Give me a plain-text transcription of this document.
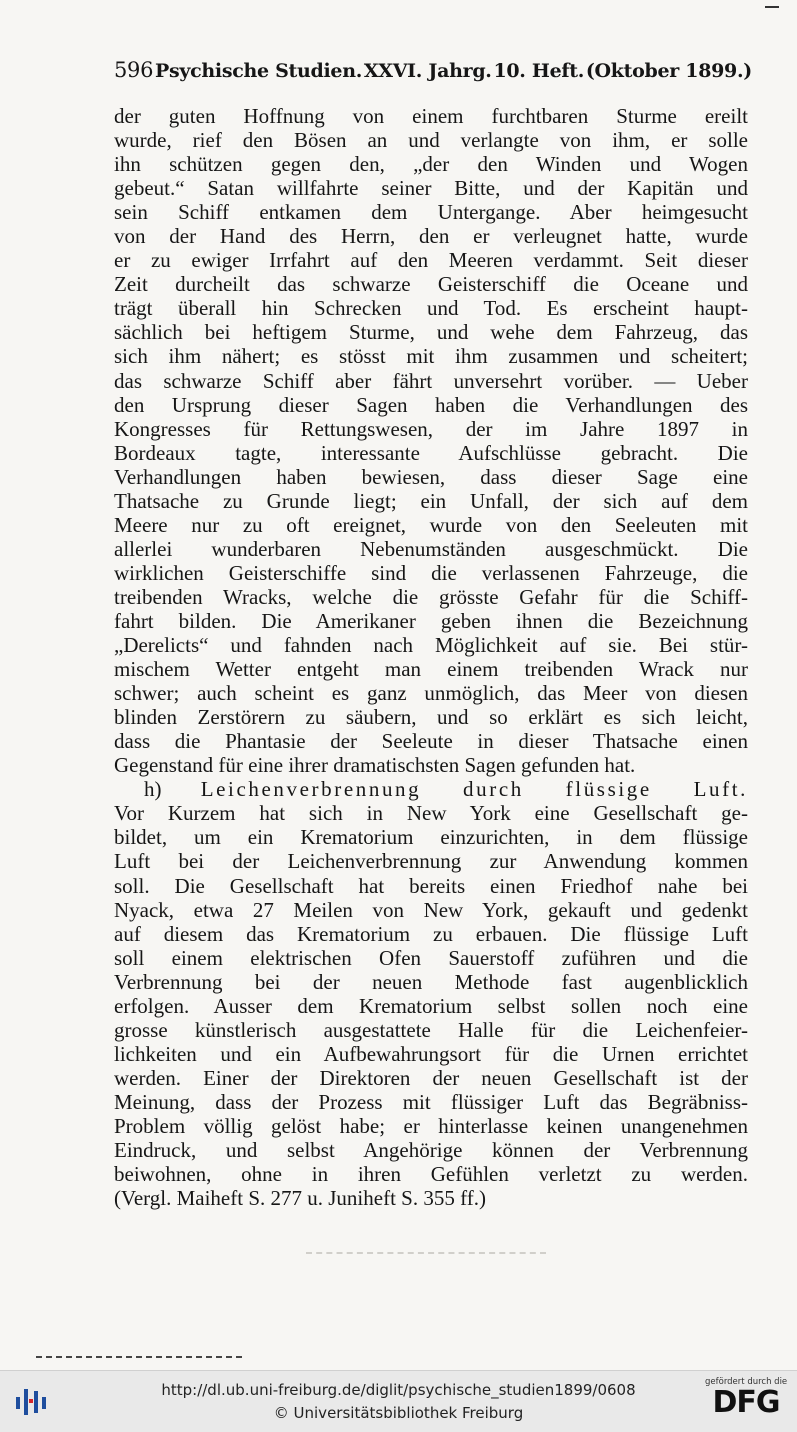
596 Psychische Studien. XXVI. Jahrg. 10. Heft. (Oktober 1899.)
der guten Hoffnung von einem furchtbaren Sturme ereilt
wurde, rief den Bösen an und verlangte von ihm, er solle
ihn schützen gegen den, „der den Winden und Wogen
gebeut.“ Satan willfahrte seiner Bitte, und der Kapitän und
sein Schiff entkamen dem Untergange. Aber heimgesucht
von der Hand des Herrn, den er verleugnet hatte, wurde
er zu ewiger Irrfahrt auf den Meeren verdammt. Seit dieser
Zeit durcheilt das schwarze Geisterschiff die Oceane und
trägt überall hin Schrecken und Tod. Es erscheint haupt-
sächlich bei heftigem Sturme, und wehe dem Fahrzeug, das
sich ihm nähert; es stösst mit ihm zusammen und scheitert;
das schwarze Schiff aber fährt unversehrt vorüber. — Ueber
den Ursprung dieser Sagen haben die Verhandlungen des
Kongresses für Rettungswesen, der im Jahre 1897 in
Bordeaux tagte, interessante Aufschlüsse gebracht. Die
Verhandlungen haben bewiesen, dass dieser Sage eine
Thatsache zu Grunde liegt; ein Unfall, der sich auf dem
Meere nur zu oft ereignet, wurde von den Seeleuten mit
allerlei wunderbaren Nebenumständen ausgeschmückt. Die
wirklichen Geisterschiffe sind die verlassenen Fahrzeuge, die
treibenden Wracks, welche die grösste Gefahr für die Schiff-
fahrt bilden. Die Amerikaner geben ihnen die Bezeichnung
„Derelicts“ und fahnden nach Möglichkeit auf sie. Bei stür-
mischem Wetter entgeht man einem treibenden Wrack nur
schwer; auch scheint es ganz unmöglich, das Meer von diesen
blinden Zerstörern zu säubern, und so erklärt es sich leicht,
dass die Phantasie der Seeleute in dieser Thatsache einen
Gegenstand für eine ihrer dramatischsten Sagen gefunden hat.
h) Leichenverbrennung durch flüssige Luft.
Vor Kurzem hat sich in New York eine Gesellschaft ge-
bildet, um ein Krematorium einzurichten, in dem flüssige
Luft bei der Leichenverbrennung zur Anwendung kommen
soll. Die Gesellschaft hat bereits einen Friedhof nahe bei
Nyack, etwa 27 Meilen von New York, gekauft und gedenkt
auf diesem das Krematorium zu erbauen. Die flüssige Luft
soll einem elektrischen Ofen Sauerstoff zuführen und die
Verbrennung bei der neuen Methode fast augenblicklich
erfolgen. Ausser dem Krematorium selbst sollen noch eine
grosse künstlerisch ausgestattete Halle für die Leichenfeier-
lichkeiten und ein Aufbewahrungsort für die Urnen errichtet
werden. Einer der Direktoren der neuen Gesellschaft ist der
Meinung, dass der Prozess mit flüssiger Luft das Begräbniss-
Problem völlig gelöst habe; er hinterlasse keinen unangenehmen
Eindruck, und selbst Angehörige können der Verbrennung
beiwohnen, ohne in ihren Gefühlen verletzt zu werden.
(Vergl. Maiheft S. 277 u. Juniheft S. 355 ff.)
http://dl.ub.uni-freiburg.de/diglit/psychische_studien1899/0608
© Universitätsbibliothek Freiburg
gefördert durch die
DFG
